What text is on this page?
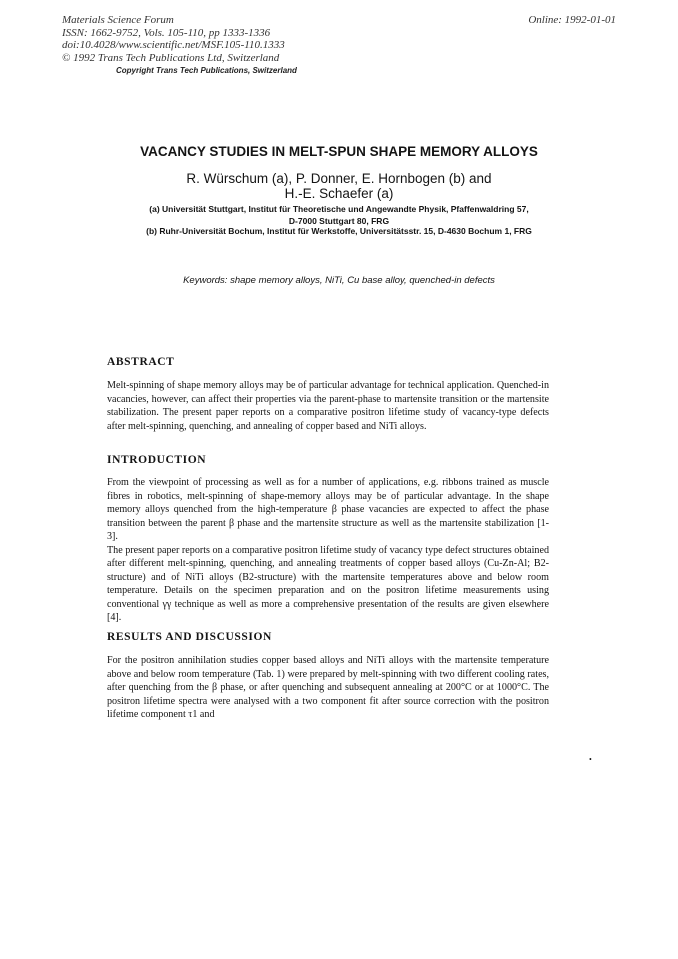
Materials Science Forum
ISSN: 1662-9752, Vols. 105-110, pp 1333-1336
doi:10.4028/www.scientific.net/MSF.105-110.1333
© 1992 Trans Tech Publications Ltd, Switzerland
Online: 1992-01-01
Copyright Trans Tech Publications, Switzerland
VACANCY STUDIES IN MELT-SPUN SHAPE MEMORY ALLOYS
R. Würschum (a), P. Donner, E. Hornbogen (b) and
H.-E. Schaefer (a)
(a) Universität Stuttgart, Institut für Theoretische und Angewandte Physik, Pfaffenwaldring 57,
D-7000 Stuttgart 80, FRG
(b) Ruhr-Universität Bochum, Institut für Werkstoffe, Universitätsstr. 15, D-4630 Bochum 1, FRG
Keywords: shape memory alloys, NiTi, Cu base alloy, quenched-in defects
ABSTRACT

Melt-spinning of shape memory alloys may be of particular advantage for technical application. Quenched-in vacancies, however, can affect their properties via the parent-phase to martensite transition or the martensite stabilization. The present paper reports on a comparative positron lifetime study of vacancy-type defects after melt-spinning, quenching, and annealing of copper based and NiTi alloys.

INTRODUCTION

From the viewpoint of processing as well as for a number of applications, e.g. ribbons trained as muscle fibres in robotics, melt-spinning of shape-memory alloys may be of particular advantage. In the shape memory alloys quenched from the high-temperature β phase vacancies are expected to affect the phase transition between the parent β phase and the martensite structure as well as the martensite stabilization [1-3].

The present paper reports on a comparative positron lifetime study of vacancy type defect structures obtained after different melt-spinning, quenching, and annealing treatments of copper based alloys (Cu-Zn-Al; B2-structure) and of NiTi alloys (B2-structure) with the martensite temperatures above and below room temperature. Details on the specimen preparation and on the positron lifetime measurements using conventional γγ technique as well as more a comprehensive presentation of the results are given elsewhere [4].

RESULTS AND DISCUSSION

For the positron annihilation studies copper based alloys and NiTi alloys with the martensite temperature above and below room temperature (Tab. 1) were prepared by melt-spinning with two different cooling rates, after quenching from the β phase, or after quenching and subsequent annealing at 200°C or at 1000°C. The positron lifetime spectra were analysed with a two component fit after source correction with the positron lifetime component τ1 and

•
